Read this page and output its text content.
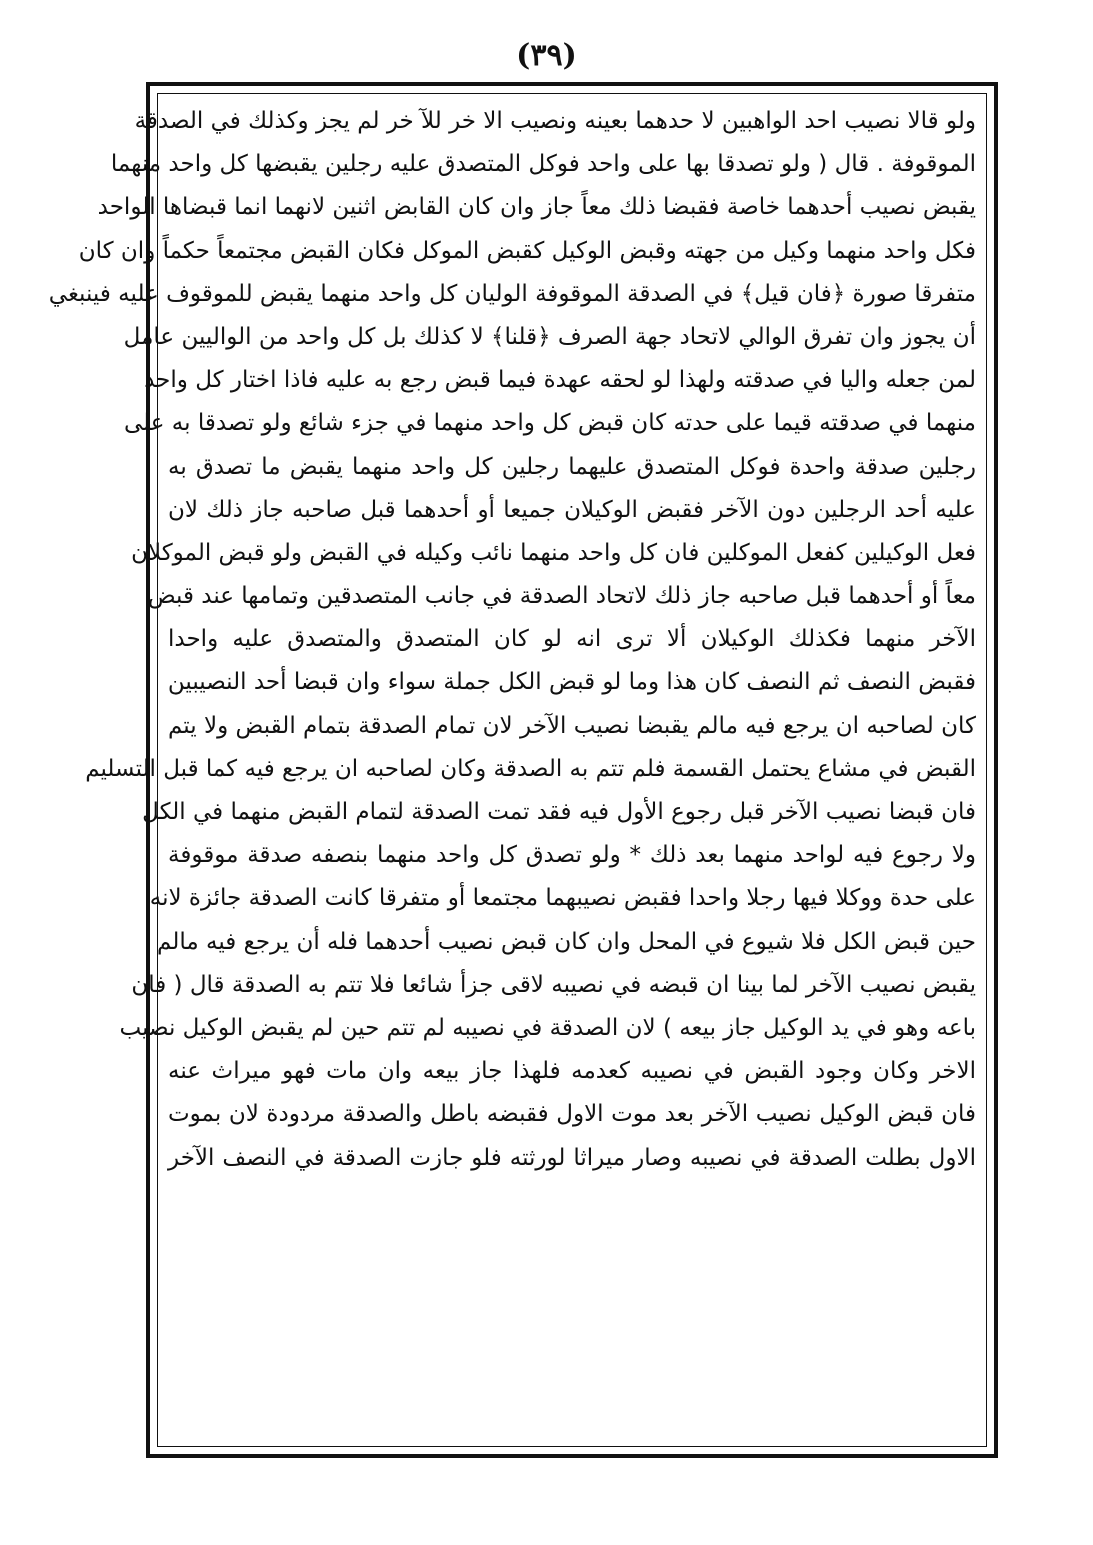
(٣٩)
ولو قالا نصيب احد الواهبين لا حدهما بعينه ونصيب الا خر للآ خر لم يجز وكذلك في الصدقة
الموقوفة . قال ( ولو تصدقا بها على واحد فوكل المتصدق عليه رجلين يقبضها كل واحد منهما
يقبض نصيب أحدهما خاصة فقبضا ذلك معاً جاز وان كان القابض اثنين لانهما انما قبضاها الواحد
فكل واحد منهما وكيل من جهته وقبض الوكيل كقبض الموكل فكان القبض مجتمعاً حكماً وان كان
متفرقا صورة ﴿فان قيل﴾ في الصدقة الموقوفة الوليان كل واحد منهما يقبض للموقوف عليه فينبغي
أن يجوز وان تفرق الوالي لاتحاد جهة الصرف ﴿قلنا﴾ لا كذلك بل كل واحد من الواليين عامل
لمن جعله واليا في صدقته ولهذا لو لحقه عهدة فيما قبض رجع به عليه فاذا اختار كل واحد
منهما في صدقته قيما على حدته كان قبض كل واحد منهما في جزء شائع ولو تصدقا به على
رجلين صدقة واحدة فوكل المتصدق عليهما رجلين كل واحد منهما يقبض ما تصدق به
عليه أحد الرجلين دون الآخر فقبض الوكيلان جميعا أو أحدهما قبل صاحبه جاز ذلك لان
فعل الوكيلين كفعل الموكلين فان كل واحد منهما نائب وكيله في القبض ولو قبض الموكلان
معاً أو أحدهما قبل صاحبه جاز ذلك لاتحاد الصدقة في جانب المتصدقين وتمامها عند قبض
الآخر منهما فكذلك الوكيلان ألا ترى انه لو كان المتصدق والمتصدق عليه واحدا
فقبض النصف ثم النصف كان هذا وما لو قبض الكل جملة سواء وان قبضا أحد النصيبين
كان لصاحبه ان يرجع فيه مالم يقبضا نصيب الآخر لان تمام الصدقة بتمام القبض ولا يتم
القبض في مشاع يحتمل القسمة فلم تتم به الصدقة وكان لصاحبه ان يرجع فيه كما قبل التسليم
فان قبضا نصيب الآخر قبل رجوع الأول فيه فقد تمت الصدقة لتمام القبض منهما في الكل
ولا رجوع فيه لواحد منهما بعد ذلك * ولو تصدق كل واحد منهما بنصفه صدقة موقوفة
على حدة ووكلا فيها رجلا واحدا فقبض نصيبهما مجتمعا أو متفرقا كانت الصدقة جائزة لانه
حين قبض الكل فلا شيوع في المحل وان كان قبض نصيب أحدهما فله أن يرجع فيه مالم
يقبض نصيب الآخر لما بينا ان قبضه في نصيبه لاقى جزأ شائعا فلا تتم به الصدقة قال ( فان
باعه وهو في يد الوكيل جاز بيعه ) لان الصدقة في نصيبه لم تتم حين لم يقبض الوكيل نصيب
الاخر وكان وجود القبض في نصيبه كعدمه فلهذا جاز بيعه وان مات فهو ميراث عنه
فان قبض الوكيل نصيب الآخر بعد موت الاول فقبضه باطل والصدقة مردودة لان بموت
الاول بطلت الصدقة في نصيبه وصار ميراثا لورثته فلو جازت الصدقة في النصف الآخر
